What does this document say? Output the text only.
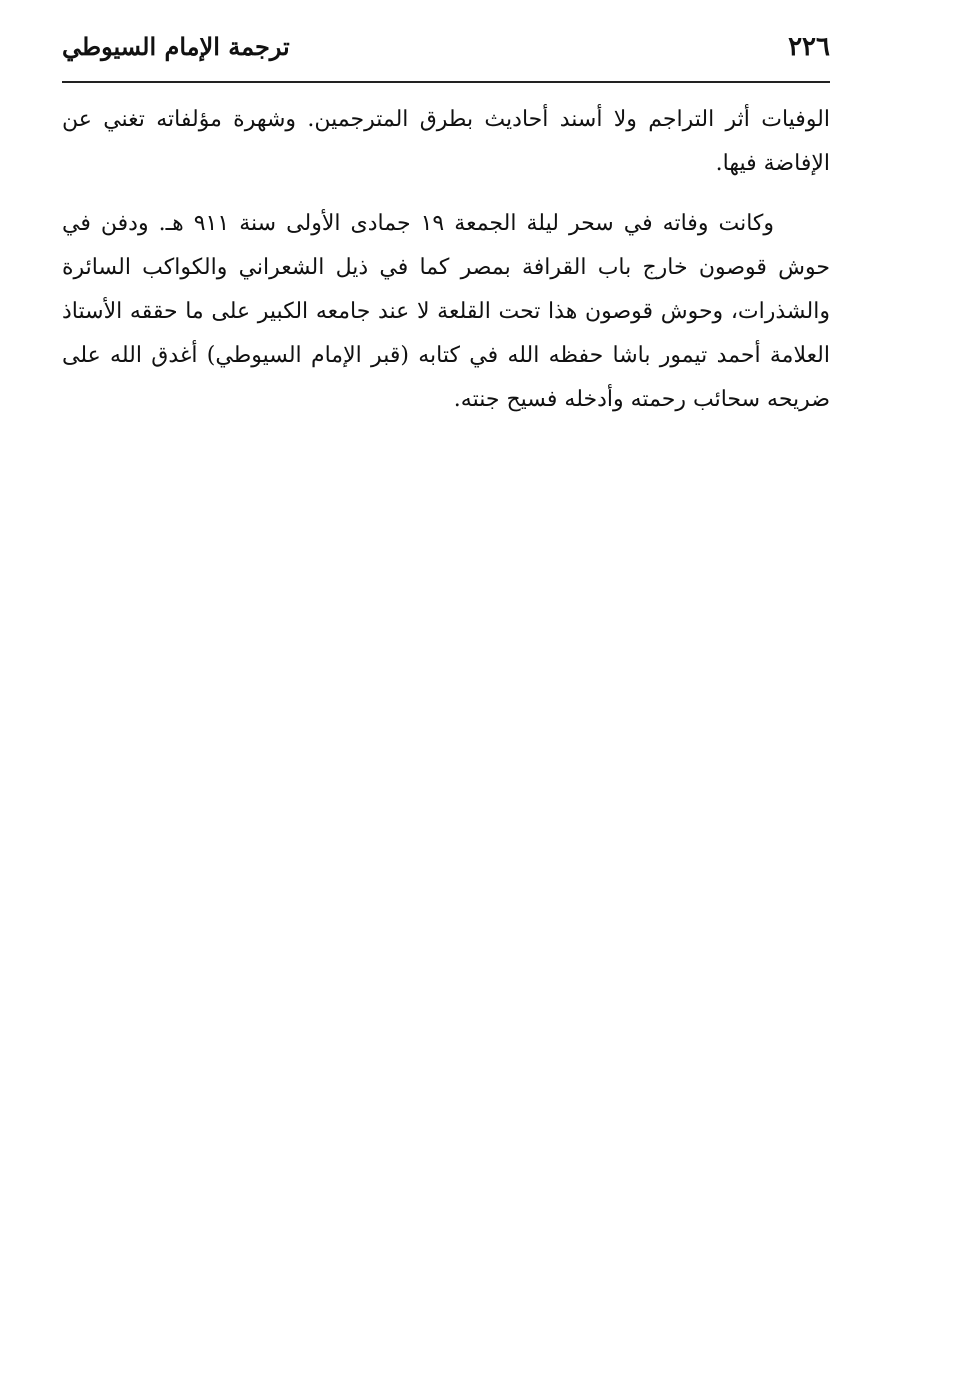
٢٢٦
ترجمة الإمام السيوطي

الوفيات أثر التراجم ولا أسند أحاديث بطرق المترجمين. وشهرة مؤلفاته تغني عن الإفاضة فيها.

وكانت وفاته في سحر ليلة الجمعة ١٩ جمادى الأولى سنة ٩١١ هـ. ودفن في حوش قوصون خارج باب القرافة بمصر كما في ذيل الشعراني والكواكب السائرة والشذرات، وحوش قوصون هذا تحت القلعة لا عند جامعه الكبير على ما حققه الأستاذ العلامة أحمد تيمور باشا حفظه الله في كتابه (قبر الإمام السيوطي) أغدق الله على ضريحه سحائب رحمته وأدخله فسيح جنته.
